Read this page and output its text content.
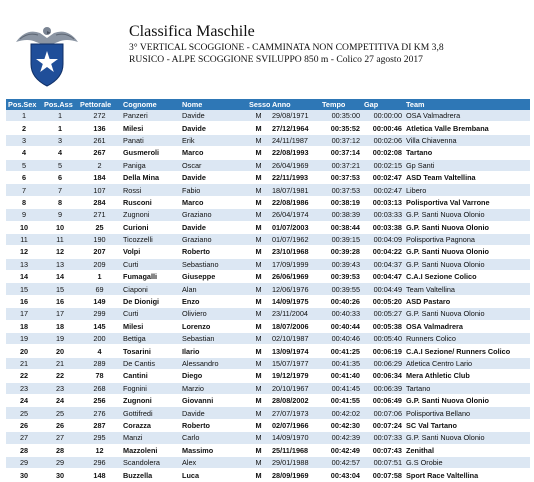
Classifica Maschile
3° VERTICAL SCOGGIONE - CAMMINATA NON COMPETITIVA DI KM 3,8
RUSICO - ALPE SCOGGIONE SVILUPPO 850 m - Colico 27 agosto 2017
Pos.Sex	Pos.Ass	Pettorale	Cognome	Nome	Sesso	Anno	Tempo	Gap	Team
1	1	272	Panzeri	Davide	M	29/08/1971	00:35:00	00:00:00	OSA Valmadrera
2	1	136	Milesi	Davide	M	27/12/1964	00:35:52	00:00:46	Atletica Valle Brembana
3	3	261	Panati	Erik	M	24/11/1987	00:37:12	00:02:06	Villa Chiavenna
4	4	267	Gusmeroli	Marco	M	22/08/1993	00:37:14	00:02:08	Tartano
5	5	2	Paniga	Oscar	M	26/04/1969	00:37:21	00:02:15	Gp Santi
6	6	184	Della Mina	Davide	M	22/11/1993	00:37:53	00:02:47	ASD Team Valtellina
7	7	107	Rossi	Fabio	M	18/07/1981	00:37:53	00:02:47	Libero
8	8	284	Rusconi	Marco	M	22/08/1986	00:38:19	00:03:13	Polisportiva Val Varrone
9	9	271	Zugnoni	Graziano	M	26/04/1974	00:38:39	00:03:33	G.P. Santi Nuova Olonio
10	10	25	Curioni	Davide	M	01/07/2003	00:38:44	00:03:38	G.P. Santi Nuova Olonio
11	11	190	Ticozzelli	Graziano	M	01/07/1962	00:39:15	00:04:09	Polisportiva Pagnona
12	12	207	Volpi	Roberto	M	23/10/1968	00:39:28	00:04:22	G.P. Santi Nuova Olonio
13	13	209	Curti	Sebastiano	M	17/09/1999	00:39:43	00:04:37	G.P. Santi Nuova Olonio
14	14	1	Fumagalli	Giuseppe	M	26/06/1969	00:39:53	00:04:47	C.A.I Sezione Colico
15	15	69	Ciaponi	Alan	M	12/06/1976	00:39:55	00:04:49	Team Valtellina
16	16	149	De Dionigi	Enzo	M	14/09/1975	00:40:26	00:05:20	ASD Pastaro
17	17	299	Curti	Oliviero	M	23/11/2004	00:40:33	00:05:27	G.P. Santi Nuova Olonio
18	18	145	Milesi	Lorenzo	M	18/07/2006	00:40:44	00:05:38	OSA Valmadrera
19	19	200	Bettiga	Sebastian	M	02/10/1987	00:40:46	00:05:40	Runners Colico
20	20	4	Tosarini	Ilario	M	13/09/1974	00:41:25	00:06:19	C.A.I Sezione/ Runners Colico
21	21	289	De Cantis	Alessandro	M	15/07/1977	00:41:35	00:06:29	Atletica Centro Lario
22	22	78	Cantini	Diego	M	19/12/1979	00:41:40	00:06:34	Mera Athletic Club
23	23	268	Fognini	Marzio	M	20/10/1967	00:41:45	00:06:39	Tartano
24	24	256	Zugnoni	Giovanni	M	28/08/2002	00:41:55	00:06:49	G.P. Santi Nuova Olonio
25	25	276	Gottifredi	Davide	M	27/07/1973	00:42:02	00:07:06	Polisportiva Bellano
26	26	287	Corazza	Roberto	M	02/07/1966	00:42:30	00:07:24	SC Val Tartano
27	27	295	Manzi	Carlo	M	14/09/1970	00:42:39	00:07:33	G.P. Santi Nuova Olonio
28	28	12	Mazzoleni	Massimo	M	25/11/1968	00:42:49	00:07:43	Zenithal
29	29	296	Scandolera	Alex	M	29/01/1988	00:42:57	00:07:51	G.S Orobie
30	30	148	Buzzella	Luca	M	28/09/1969	00:43:04	00:07:58	Sport Race Valtellina
